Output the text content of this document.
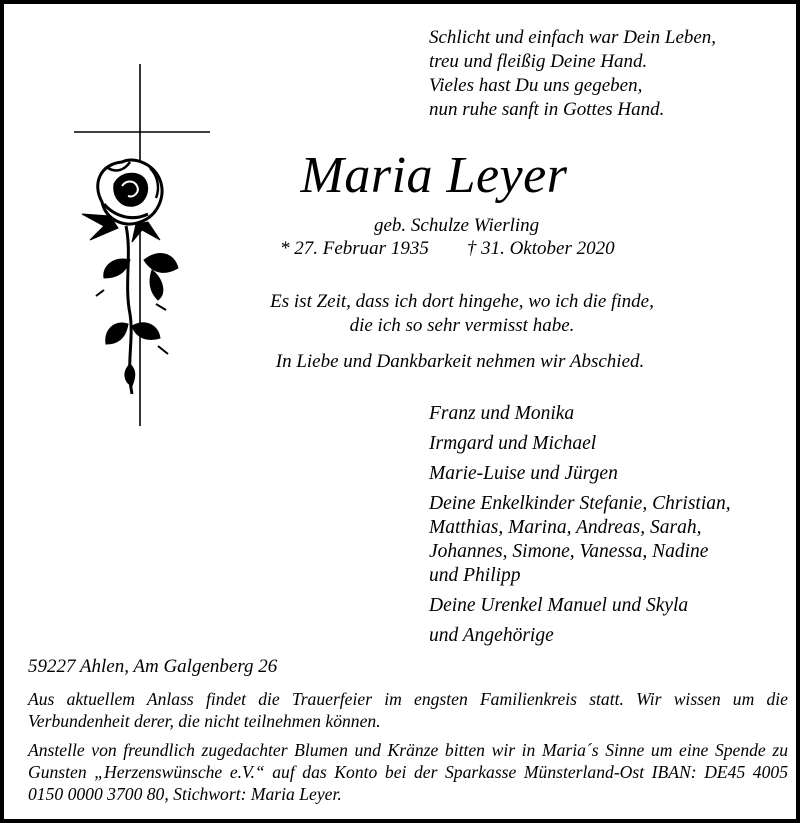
Schlicht und einfach war Dein Leben,
treu und fleißig Deine Hand.
Vieles hast Du uns gegeben,
nun ruhe sanft in Gottes Hand.
Maria Leyer
geb. Schulze Wierling
* 27. Februar 1935 † 31. Oktober 2020
Es ist Zeit, dass ich dort hingehe, wo ich die finde,
die ich so sehr vermisst habe.
In Liebe und Dankbarkeit nehmen wir Abschied.
Franz und Monika
Irmgard und Michael
Marie-Luise und Jürgen
Deine Enkelkinder Stefanie, Christian,
Matthias, Marina, Andreas, Sarah,
Johannes, Simone, Vanessa, Nadine
und Philipp
Deine Urenkel Manuel und Skyla
und Angehörige
59227 Ahlen, Am Galgenberg 26
Aus aktuellem Anlass findet die Trauerfeier im engsten Familienkreis statt. Wir wissen um die Verbundenheit derer, die nicht teilnehmen können.
Anstelle von freundlich zugedachter Blumen und Kränze bitten wir in Maria´s Sinne um eine Spende zu Gunsten „Herzenswünsche e.V.“ auf das Konto bei der Sparkasse Münsterland-Ost IBAN: DE45 4005 0150 0000 3700 80, Stichwort: Maria Leyer.
